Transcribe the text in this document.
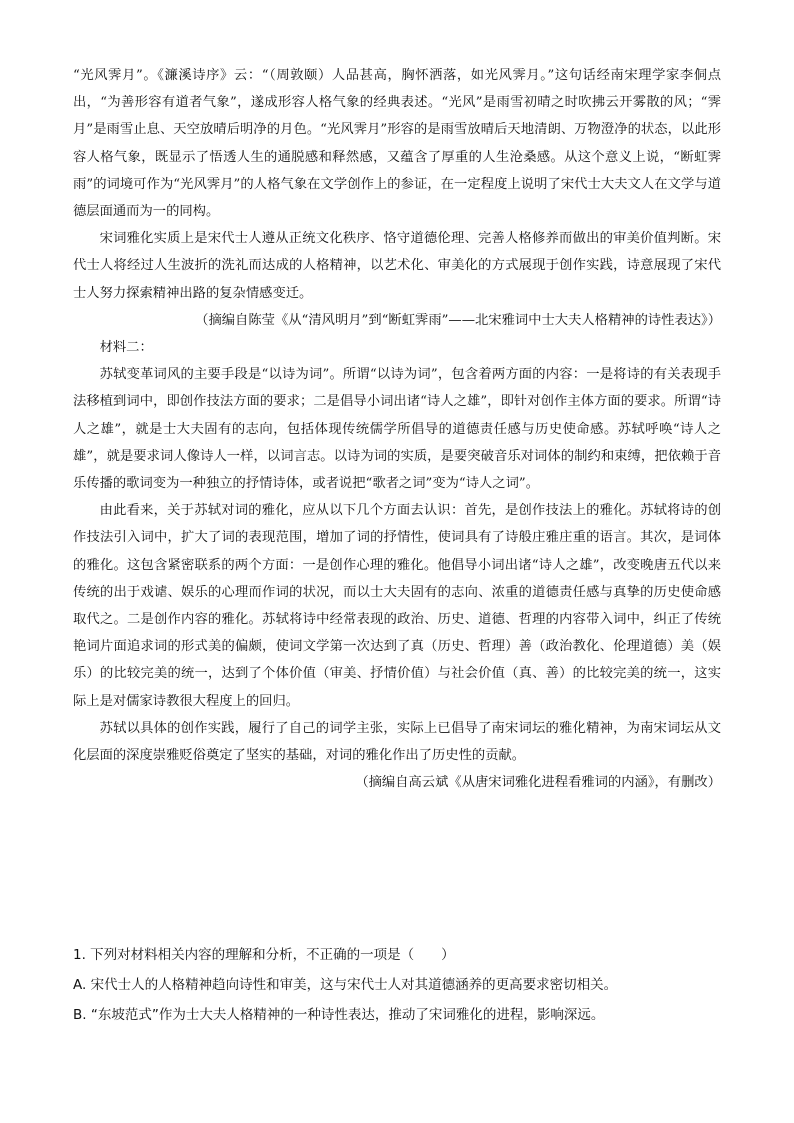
“光风霁月”。《濂溪诗序》云：“（周敦颐）人品甚高，胸怀洒落，如光风霁月。”这句话经南宋理学家李侗点出，“为善形容有道者气象”，遂成形容人格气象的经典表述。“光风”是雨雪初晴之时吹拂云开雾散的风；“霁月”是雨雪止息、天空放晴后明净的月色。“光风霁月”形容的是雨雪放晴后天地清朗、万物澄净的状态，以此形容人格气象，既显示了悟透人生的通脱感和释然感，又蕴含了厚重的人生沧桑感。从这个意义上说，“断虹霁雨”的词境可作为“光风霁月”的人格气象在文学创作上的参证，在一定程度上说明了宋代士大夫文人在文学与道德层面通而为一的同构。

宋词雅化实质上是宋代士人遵从正统文化秩序、恪守道德伦理、完善人格修养而做出的审美价值判断。宋代士人将经过人生波折的洗礼而达成的人格精神，以艺术化、审美化的方式展现于创作实践，诗意展现了宋代士人努力探索精神出路的复杂情感变迁。

（摘编自陈莹《从“清风明月”到“断虹霁雨”——北宋雅词中士大夫人格精神的诗性表达》）

材料二：

苏轼变革词风的主要手段是“以诗为词”。所谓“以诗为词”，包含着两方面的内容：一是将诗的有关表现手法移植到词中，即创作技法方面的要求；二是倡导小词出诸“诗人之雄”，即针对创作主体方面的要求。所谓“诗人之雄”，就是士大夫固有的志向，包括体现传统儒学所倡导的道德责任感与历史使命感。苏轼呼唤“诗人之雄”，就是要求词人像诗人一样，以词言志。以诗为词的实质，是要突破音乐对词体的制约和束缚，把依赖于音乐传播的歌词变为一种独立的抒情诗体，或者说把“歌者之词”变为“诗人之词”。

由此看来，关于苏轼对词的雅化，应从以下几个方面去认识：首先，是创作技法上的雅化。苏轼将诗的创作技法引入词中，扩大了词的表现范围，增加了词的抒情性，使词具有了诗般庄雅庄重的语言。其次，是词体的雅化。这包含紧密联系的两个方面：一是创作心理的雅化。他倡导小词出诸“诗人之雄”，改变晚唐五代以来传统的出于戏谑、娱乐的心理而作词的状况，而以士大夫固有的志向、浓重的道德责任感与真挚的历史使命感取代之。二是创作内容的雅化。苏轼将诗中经常表现的政治、历史、道德、哲理的内容带入词中，纠正了传统艳词片面追求词的形式美的偏颇，使词文学第一次达到了真（历史、哲理）善（政治教化、伦理道德）美（娱乐）的比较完美的统一，达到了个体价值（审美、抒情价值）与社会价值（真、善）的比较完美的统一，这实际上是对儒家诗教很大程度上的回归。

苏轼以具体的创作实践，履行了自己的词学主张，实际上已倡导了南宋词坛的雅化精神，为南宋词坛从文化层面的深度崇雅贬俗奠定了坚实的基础，对词的雅化作出了历史性的贡献。

（摘编自高云斌《从唐宋词雅化进程看雅词的内涵》，有删改）

1. 下列对材料相关内容的理解和分析，不正确的一项是（　　）

A. 宋代士人的人格精神趋向诗性和审美，这与宋代士人对其道德涵养的更高要求密切相关。

B. “东坡范式”作为士大夫人格精神的一种诗性表达，推动了宋词雅化的进程，影响深远。
